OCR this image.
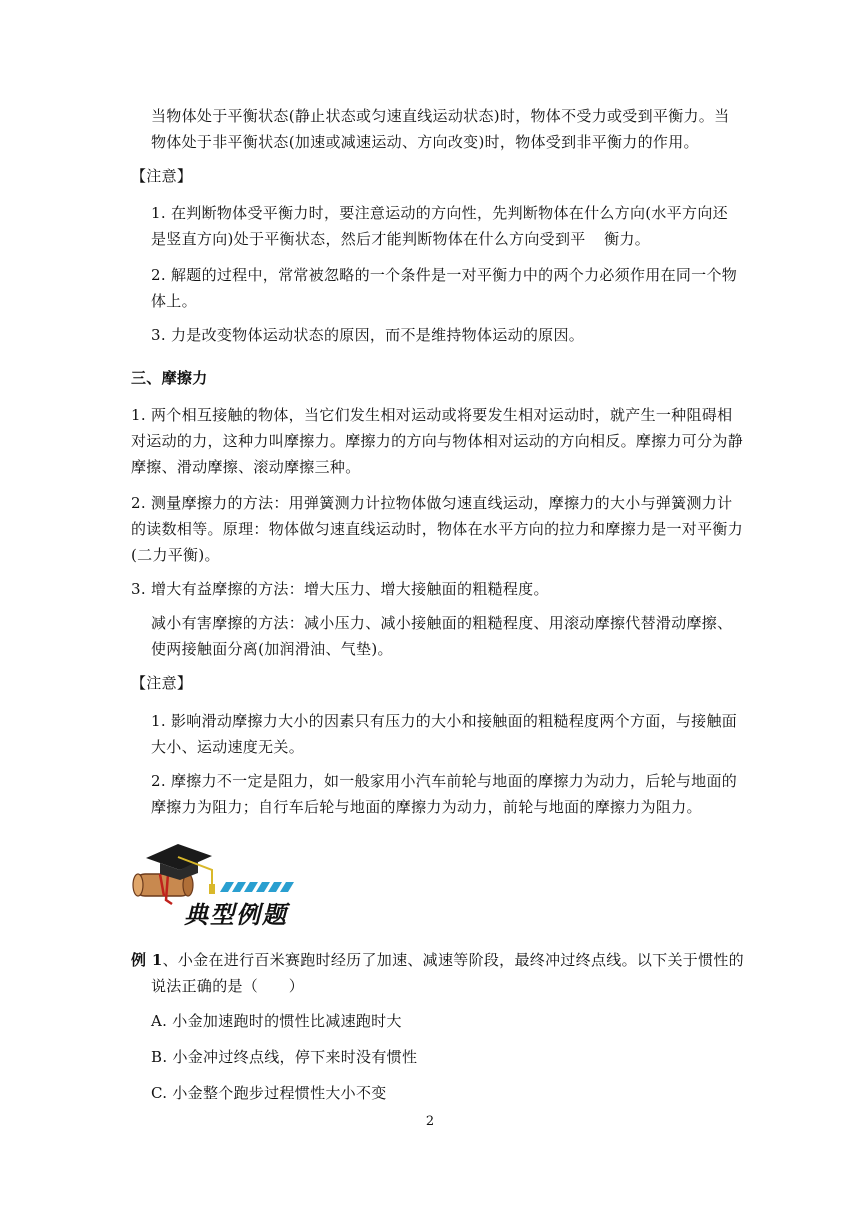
当物体处于平衡状态(静止状态或匀速直线运动状态)时，物体不受力或受到平衡力。当
物体处于非平衡状态(加速或减速运动、方向改变)时，物体受到非平衡力的作用。
【注意】
1. 在判断物体受平衡力时，要注意运动的方向性，先判断物体在什么方向(水平方向还
是竖直方向)处于平衡状态，然后才能判断物体在什么方向受到平　 衡力。
2. 解题的过程中，常常被忽略的一个条件是一对平衡力中的两个力必须作用在同一个物
体上。
3. 力是改变物体运动状态的原因，而不是维持物体运动的原因。
三、摩擦力
1. 两个相互接触的物体，当它们发生相对运动或将要发生相对运动时，就产生一种阻碍相
对运动的力，这种力叫摩擦力。摩擦力的方向与物体相对运动的方向相反。摩擦力可分为静
摩擦、滑动摩擦、滚动摩擦三种。
2. 测量摩擦力的方法：用弹簧测力计拉物体做匀速直线运动，摩擦力的大小与弹簧测力计
的读数相等。原理：物体做匀速直线运动时，物体在水平方向的拉力和摩擦力是一对平衡力
(二力平衡)。
3. 增大有益摩擦的方法：增大压力、增大接触面的粗糙程度。
减小有害摩擦的方法：减小压力、减小接触面的粗糙程度、用滚动摩擦代替滑动摩擦、
使两接触面分离(加润滑油、气垫)。
【注意】
1. 影响滑动摩擦力大小的因素只有压力的大小和接触面的粗糙程度两个方面，与接触面
大小、运动速度无关。
2. 摩擦力不一定是阻力，如一般家用小汽车前轮与地面的摩擦力为动力，后轮与地面的
摩擦力为阻力；自行车后轮与地面的摩擦力为动力，前轮与地面的摩擦力为阻力。
典型例题
例 1、小金在进行百米赛跑时经历了加速、减速等阶段，最终冲过终点线。以下关于惯性的
说法正确的是（　　）
A. 小金加速跑时的惯性比减速跑时大
B. 小金冲过终点线，停下来时没有惯性
C. 小金整个跑步过程惯性大小不变
2
